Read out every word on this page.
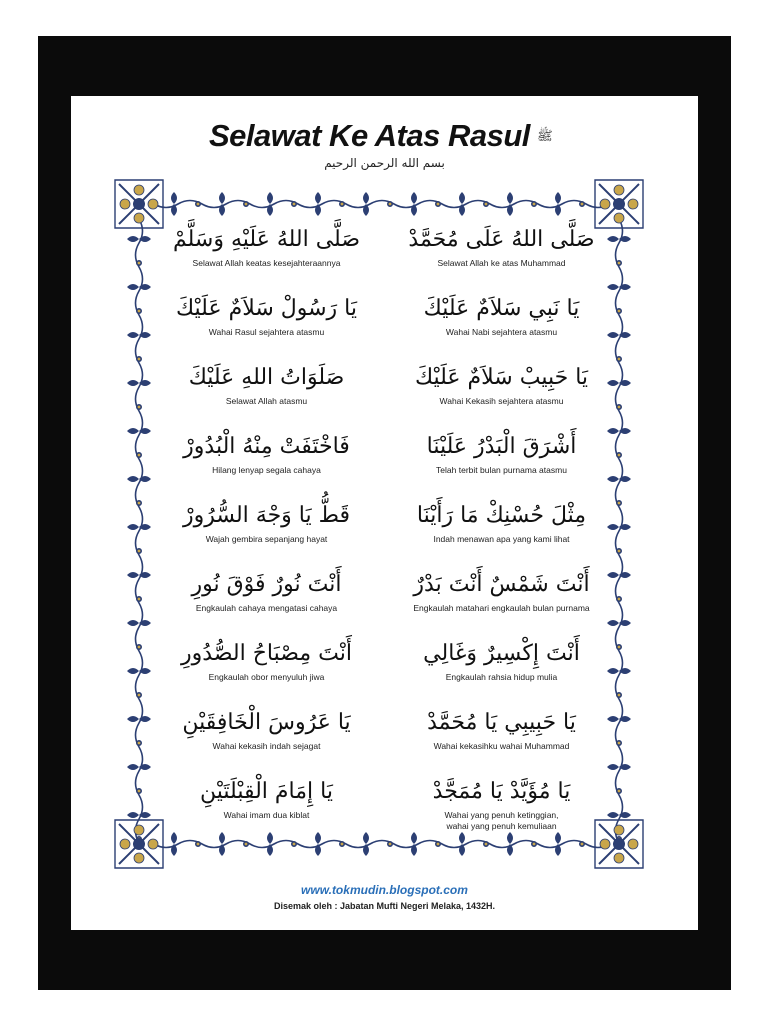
Selawat Ke Atas Rasul ﷺ
بسم الله الرحمن الرحيم
صَلَّى اللهُ عَلَى مُحَمَّدْ
Selawat Allah ke atas Muhammad
صَلَّى اللهُ عَلَيْهِ وَسَلَّمْ
Selawat Allah keatas kesejahteraannya
يَا نَبِي سَلاَمٌ عَلَيْكَ
Wahai Nabi sejahtera atasmu
يَا رَسُولْ سَلاَمٌ عَلَيْكَ
Wahai Rasul sejahtera atasmu
يَا حَبِيبْ سَلاَمٌ عَلَيْكَ
Wahai Kekasih sejahtera atasmu
صَلَوَاتُ اللهِ عَلَيْكَ
Selawat Allah atasmu
أَشْرَقَ الْبَدْرُ عَلَيْنَا
Telah terbit bulan purnama atasmu
فَاخْتَفَتْ مِنْهُ الْبُدُورْ
Hilang lenyap segala cahaya
مِثْلَ حُسْنِكْ مَا رَأَيْنَا
Indah menawan apa yang kami lihat
قَطُّ يَا وَجْهَ السُّرُورْ
Wajah gembira sepanjang hayat
أَنْتَ شَمْسٌ أَنْتَ بَدْرٌ
Engkaulah matahari engkaulah bulan purnama
أَنْتَ نُورٌ فَوْقَ نُورِ
Engkaulah cahaya mengatasi cahaya
أَنْتَ إِكْسِيرٌ وَغَالِي
Engkaulah rahsia hidup mulia
أَنْتَ مِصْبَاحُ الصُّدُورِ
Engkaulah obor menyuluh jiwa
يَا حَبِيبِي يَا مُحَمَّدْ
Wahai kekasihku wahai Muhammad
يَا عَرُوسَ الْخَافِقَيْنِ
Wahai kekasih indah sejagat
يَا مُؤَيَّدْ يَا مُمَجَّدْ
Wahai yang penuh ketinggian,
wahai yang penuh kemuliaan
يَا إِمَامَ الْقِبْلَتَيْنِ
Wahai imam dua kiblat
www.tokmudin.blogspot.com
Disemak oleh : Jabatan Mufti Negeri Melaka, 1432H.
